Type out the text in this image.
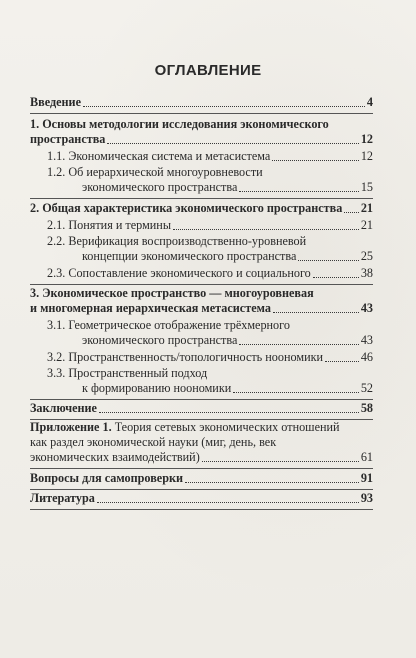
ОГЛАВЛЕНИЕ
Введение	4
1. Основы методологии исследования экономического
пространства	12
1.1. Экономическая система и метасистема	12
1.2. Об иерархической многоуровневости
экономического пространства	15
2. Общая характеристика экономического пространства 21
2.1. Понятия и термины	21
2.2. Верификация воспроизводственно-уровневой
концепции экономического пространства	25
2.3. Сопоставление экономического и социального	38
3. Экономическое пространство — многоуровневая
и многомерная иерархическая метасистема	43
3.1. Геометрическое отображение трёхмерного
экономического пространства	43
3.2. Пространственность/топологичность ноономики	46
3.3. Пространственный подход
к формированию ноономики	52
Заключение	58
Приложение 1. Теория сетевых экономических отношений
как раздел экономической науки (миг, день, век
экономических взаимодействий)	61
Вопросы для самопроверки	91
Литература	93
